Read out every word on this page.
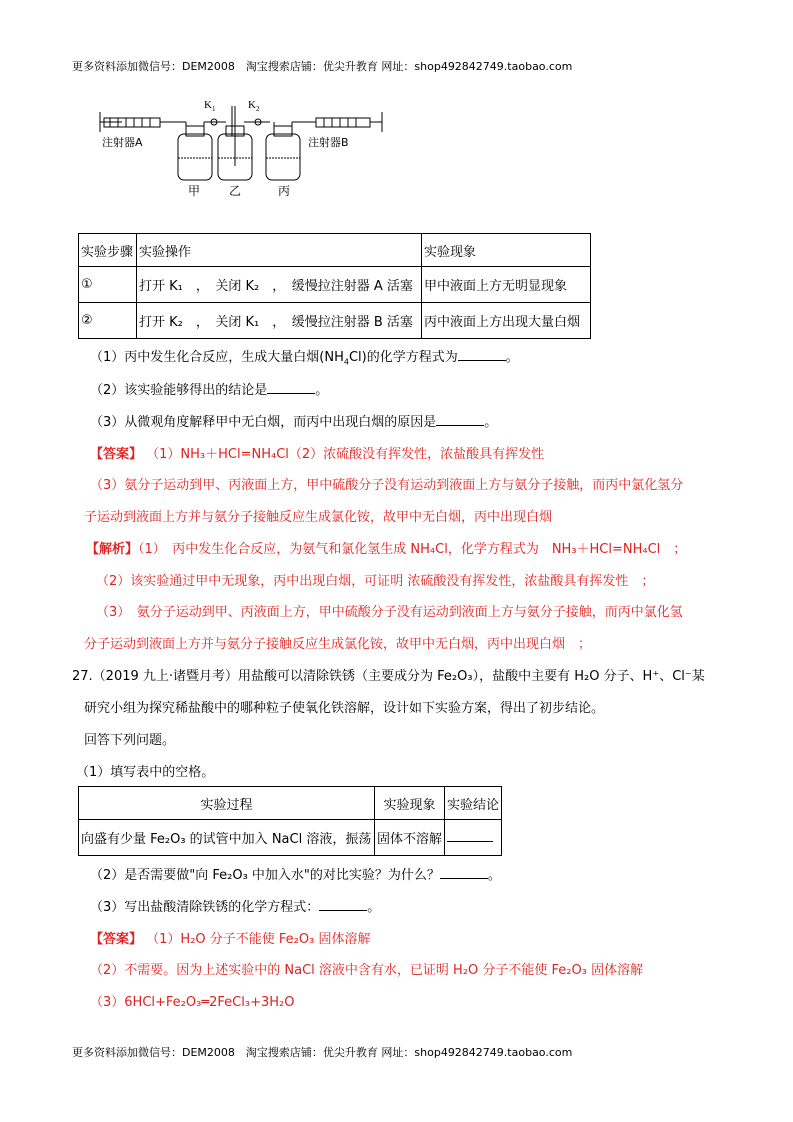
更多资料添加微信号：DEM2008　淘宝搜索店铺：优尖升教育 网址：shop492842749.taobao.com
$K_1$	$K_2$
注射器A	注射器B
甲 乙	丙
实验步骤	实验操作	实验现象
①	打开 K₁　，　关闭 K₂　，　缓慢拉注射器 A 活塞	甲中液面上方无明显现象
②	打开 K₂　，　关闭 K₁　，　缓慢拉注射器 B 活塞	丙中液面上方出现大量白烟
（1）丙中发生化合反应，生成大量白烟$(NH_4Cl)$的化学方程式为	。
（2）该实验能够得出的结论是	。
（3）从微观角度解释甲中无白烟，而丙中出现白烟的原因是	。
【答案】 （1）NH₃＋HCl=NH₄Cl（2）浓硫酸没有挥发性，浓盐酸具有挥发性
（3）氨分子运动到甲、丙液面上方，甲中硫酸分子没有运动到液面上方与氨分子接触，而丙中氯化氢分
子运动到液面上方并与氨分子接触反应生成氯化铵，故甲中无白烟，丙中出现白烟
【解析】（1）　丙中发生化合反应，为氨气和氯化氢生成 NH₄Cl，化学方程式为　NH₃＋HCl=NH₄Cl　；
（2）该实验通过甲中无现象，丙中出现白烟，可证明 浓硫酸没有挥发性，浓盐酸具有挥发性　；
（3）　氨分子运动到甲、丙液面上方，甲中硫酸分子没有运动到液面上方与氨分子接触，而丙中氯化氢
分子运动到液面上方并与氨分子接触反应生成氯化铵，故甲中无白烟，丙中出现白烟　；
27.（2019 九上·诸暨月考）用盐酸可以清除铁锈（主要成分为 Fe₂O₃），盐酸中主要有 H₂O 分子、H⁺、Cl⁻某
研究小组为探究稀盐酸中的哪种粒子使氧化铁溶解，设计如下实验方案，得出了初步结论。
回答下列问题。
（1）填写表中的空格。
实验过程	实验现象	实验结论
向盛有少量 Fe₂O₃ 的试管中加入 NaCl 溶液，振荡	固体不溶解	
（2）是否需要做"向 Fe₂O₃ 中加入水"的对比实验？为什么？	。
（3）写出盐酸清除铁锈的化学方程式：	。
【答案】 （1）H₂O 分子不能使 Fe₂O₃ 固体溶解
（2）不需要。因为上述实验中的 NaCl 溶液中含有水，已证明 H₂O 分子不能使 Fe₂O₃ 固体溶解
（3）6HCl+Fe₂O₃═2FeCl₃+3H₂O
更多资料添加微信号：DEM2008　淘宝搜索店铺：优尖升教育 网址：shop492842749.taobao.com
